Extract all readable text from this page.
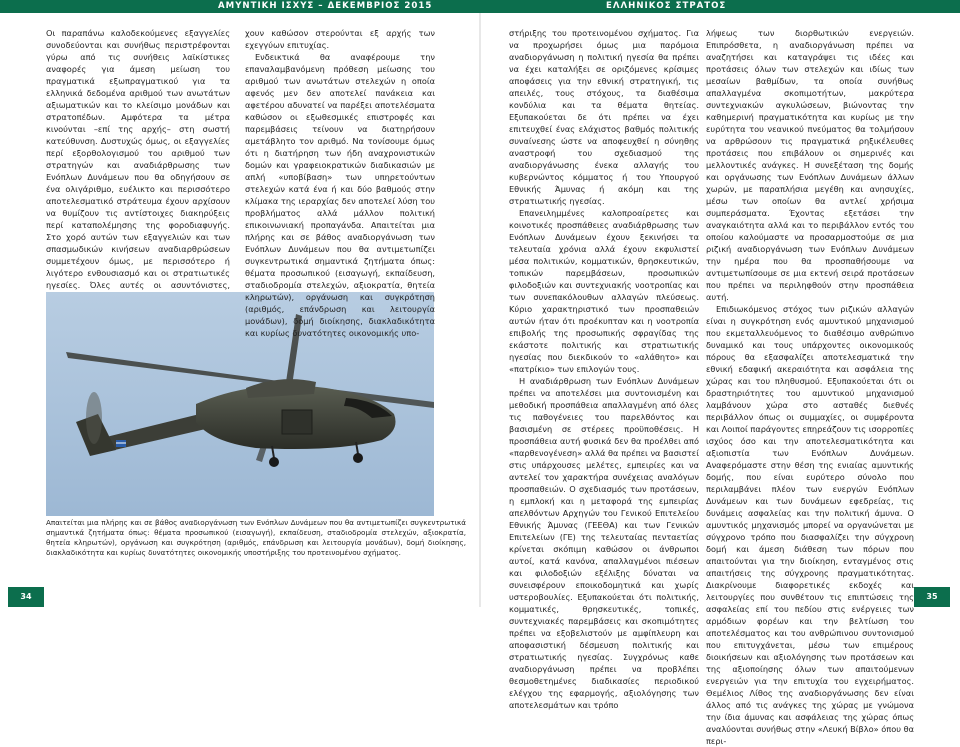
ΑΜΥΝΤΙΚΗ ΙΣΧΥΣ – ΔΕΚΕΜΒΡΙΟΣ 2015	ΕΛΛΗΝΙΚΟΣ ΣΤΡΑΤΟΣ

Οι παραπάνω καλοδεκούμενες εξαγγελίες συνοδεύονται και συνήθως περιστρέφονται γύρω από τις συνήθεις λαϊκίστικες αναφορές για άμεση μείωση του πραγματικά εξωπραγματικού για τα ελληνικά δεδομένα αριθμού των ανωτάτων αξιωματικών και το κλείσιμο μονάδων και στρατοπέδων. Αμφότερα τα μέτρα κινούνται –επί της αρχής– στη σωστή κατεύθυνση. Δυστυχώς όμως, οι εξαγγελίες περί εξορθολογισμού του αριθμού των στρατηγών και αναδιάρθρωσης των Ενόπλων Δυνάμεων που θα οδηγήσουν σε ένα ολιγάριθμο, ευέλικτο και περισσότερο αποτελεσματικό στράτευμα έχουν αρχίσουν να θυμίζουν τις αντίστοιχες διακηρύξεις περί καταπολέμησης της φοροδιαφυγής. Στο χορό αυτών των εξαγγελιών και των σπασμωδικών κινήσεων αναδιαρθρώσεων συμμετέχουν όμως, με περισσότερο ή λιγότερο ενθουσιασμό και οι στρατιωτικές ηγεσίες. Όλες αυτές οι ασυντόνιστες,

Απαιτείται μια πλήρης και σε βάθος αναδιοργάνωση των Ενόπλων Δυνάμεων που θα αντιμετωπίζει συγκεντρωτικά σημαντικά ζητήματα όπως: θέματα προσωπικού (εισαγωγή), εκπαίδευση, σταδιοδρομία στελεχών, αξιοκρατία, θητεία κληρωτών), οργάνωση και συγκρότηση (αριθμός, επάνδρωση και λειτουργία μονάδων), δομή διοίκησης, διακλαδικότητα και κυρίως δυνατότητες οικονομικής υποστήριξης του προτεινομένου σχήματος.

χουν καθώσον στερούνται εξ αρχής των εχεγγύων επιτυχίας.

Ενδεικτικά θα αναφέρουμε την επαναλαμβανόμενη πρόθεση μείωσης του αριθμού των ανωτάτων στελεχών η οποία αφενός μεν δεν αποτελεί πανάκεια και αφετέρου αδυνατεί να παρέξει αποτελέσματα καθώσον οι εξωθεσμικές επιστροφές και παρεμβάσεις τείνουν να διατηρήσουν αμετάβλητο τον αριθμό. Να τονίσουμε όμως ότι η διατήρηση των ήδη αναχρονιστικών δομών και γραφειοκρατικών διαδικασιών με απλή «υποβίβαση» των υπηρετούντων στελεχών κατά ένα ή και δύο βαθμούς στην κλίμακα της ιεραρχίας δεν αποτελεί λύση του προβλήματος αλλά μάλλον πολιτική επικοινωνιακή προπαγάνδα. Απαιτείται μια πλήρης και σε βάθος αναδιοργάνωση των Ενόπλων Δυνάμεων που θα αντιμετωπίζει συγκεντρωτικά σημαντικά ζητήματα όπως: θέματα προσωπικού (εισαγωγή, εκπαίδευση, σταδιοδρομία στελεχών, αξιοκρατία, θητεία κληρωτών), οργάνωση και συγκρότηση (αριθμός, επάνδρωση και λειτουργία μονάδων), δομή διοίκησης, διακλαδικότητα και κυρίως δυνατότητες οικονομικής υπο-

στήριξης του προτεινομένου σχήματος. Για να προχωρήσει όμως μια παρόμοια αναδιοργάνωση η πολιτική ηγεσία θα πρέπει να έχει καταλήξει σε οριζόμενες κρίσιμες αποφάσεις για την εθνική στρατηγική, τις απειλές, τους στόχους, τα διαθέσιμα κονδύλια και τα θέματα θητείας. Εξυπακούεται δε ότι πρέπει να έχει επιτευχθεί ένας ελάχιστος βαθμός πολιτικής συναίνεσης ώστε να αποφευχθεί η σύνηθης αναστροφή του σχεδιασμού της αναδιοργάνωσης ένεκα αλλαγής του κυβερνώντος κόμματος ή του Υπουργού Εθνικής Άμυνας ή ακόμη και της στρατιωτικής ηγεσίας.

Επανειλημμένες καλοπροαίρετες και κοινοτικές προσπάθειες αναδιάρθρωσης των Ενόπλων Δυνάμεων έχουν ξεκινήσει τα τελευταία χρόνια αλλά έχουν εκφυλιστεί μέσα πολιτικών, κομματικών, θρησκευτικών, τοπικών παρεμβάσεων, προσωπικών φιλοδοξιών και συντεχνιακής νοοτροπίας και των συνεπακόλουθων αλλαγών πλεύσεως. Κύριο χαρακτηριστικό των προσπαθειών αυτών ήταν ότι προέκυπταν και η νοοτροπία επιβολής της προσωπικής σφραγίδας της εκάστοτε πολιτικής και στρατιωτικής ηγεσίας που διεκδικούν το «αλάθητο» και «πατρίκιο» των επιλογών τους.

Η αναδιάρθρωση των Ενόπλων Δυνάμεων πρέπει να αποτελέσει μια συντονισμένη και μεθοδική προσπάθεια απαλλαγμένη από όλες τις παθογένειες του παρελθόντος και βασισμένη σε στέρεες προϋποθέσεις. Η προσπάθεια αυτή φυσικά δεν θα προέλθει από «παρθενογένεση» αλλά θα πρέπει να βασιστεί στις υπάρχουσες μελέτες, εμπειρίες και να αντελεί τον χαρακτήρα συνέχειας αναλόγων προσπαθειών. Ο σχεδιασμός των προτάσεων, η εμπλοκή και η μεταφορά της εμπειρίας απελθόντων Αρχηγών του Γενικού Επιτελείου Εθνικής Άμυνας (ΓΕΕΘΑ) και των Γενικών Επιτελείων (ΓΕ) της τελευταίας πενταετίας κρίνεται σκόπιμη καθώσον οι άνθρωποι αυτοί, κατά κανόνα, απαλλαγμένοι πιέσεων και φιλοδοξιών εξέλιξης δύναται να συνεισφέρουν εποικοδομητικά και χωρίς υστεροβουλίες. Εξυπακούεται ότι πολιτικής, κομματικές, θρησκευτικές, τοπικές, συντεχνιακές παρεμβάσεις και σκοπιμότητες πρέπει να εξοβελιστούν με αμφίπλευρη και αποφασιστική δέσμευση πολιτικής και στρατιωτικής ηγεσίας. Συγχρόνως καθε αναδιοργάνωση πρέπει να προβλέπει θεσμοθετημένες διαδικασίες περιοδικού ελέγχου της εφαρμογής, αξιολόγησης των αποτελεσμάτων και τρόπο

λήψεως των διορθωτικών ενεργειών. Επιπρόσθετα, η αναδιοργάνωση πρέπει να αναζητήσει και καταγράψει τις ιδέες και προτάσεις όλων των στελεχών και ιδίως των μεσαίων βαθμίδων, τα οποία συνήθως απαλλαγμένα σκοπιμοτήτων, μακρύτερα συντεχνιακών αγκυλώσεων, βιώνοντας την καθημερινή πραγματικότητα και κυρίως με την ευρύτητα του νεανικού πνεύματος θα τολμήσουν να αρθρώσουν τις πραγματικά ρηξικέλευθες προτάσεις που επιβάλουν οι σημερινές και μελλοντικές ανάγκες. Η συνεξέταση της δομής και οργάνωσης των Ενόπλων Δυνάμεων άλλων χωρών, με παραπλήσια μεγέθη και ανησυχίες, μέσω των οποίων θα αντλεί χρήσιμα συμπεράσματα. Έχοντας εξετάσει την αναγκαιότητα αλλά και το περιβάλλον εντός του οποίου καλούμαστε να προσαρμοστούμε σε μια ριζική αναδιοργάνωση των Ενόπλων Δυνάμεων την ημέρα που θα προσπαθήσουμε να αντιμετωπίσουμε σε μια εκτενή σειρά προτάσεων που πρέπει να περιληφθούν στην προσπάθεια αυτή.

Επιδιωκόμενος στόχος των ριζικών αλλαγών είναι η συγκρότηση ενός αμυντικού μηχανισμού που εκμεταλλευόμενος το διαθέσιμο ανθρώπινο δυναμικό και τους υπάρχοντες οικονομικούς πόρους θα εξασφαλίζει αποτελεσματικά την εθνική εδαφική ακεραιότητα και ασφάλεια της χώρας και του πληθυσμού. Εξυπακούεται ότι οι δραστηριότητες του αμυντικού μηχανισμού λαμβάνουν χώρα στο ασταθές διεθνές περιβάλλον όπως οι συμμαχίες, οι συμφέροντα και Λοιποί παράγοντες επηρεάζουν τις ισορροπίες ισχύος όσο και την αποτελεσματικότητα και αξιοπιστία των Ενόπλων Δυνάμεων. Αναφερόμαστε στην θέση της ενιαίας αμυντικής δομής, που είναι ευρύτερο σύνολο που περιλαμβάνει πλέον των ενεργών Ενόπλων Δυνάμεων και των δυνάμεων εφεδρείας, τις δυνάμεις ασφαλείας και την πολιτική άμυνα. Ο αμυντικός μηχανισμός μπορεί να οργανώνεται με σύγχρονο τρόπο που διασφαλίζει την σύγχρονη δομή και άμεση διάθεση των πόρων που απαιτούνται για την διοίκηση, ενταγμένος στις απαιτήσεις της σύγχρονης πραγματικότητας. Διακρίνουμε διαφορετικές εκδοχές και λειτουργίες που συνθέτουν τις επιπτώσεις της ασφαλείας επί του πεδίου στις ενέργειες των αρμόδιων φορέων και την βελτίωση του αποτελέσματος και του ανθρώπινου συντονισμού που επιτυγχάνεται, μέσω των επιμέρους διοικήσεων και αξιολόγησης των προτάσεων και της αξιοποίησης όλων των απαιτούμενων ενεργειών για την επιτυχία του εγχειρήματος. Θεμέλιος Λίθος της αναδιοργάνωσης δεν είναι άλλος από τις ανάγκες της χώρας με γνώμονα την ίδια άμυνας και ασφάλειας της χώρας όπως αναλύονται συνήθως στην «Λευκή Βίβλο» όπου θα περι-

34	35
